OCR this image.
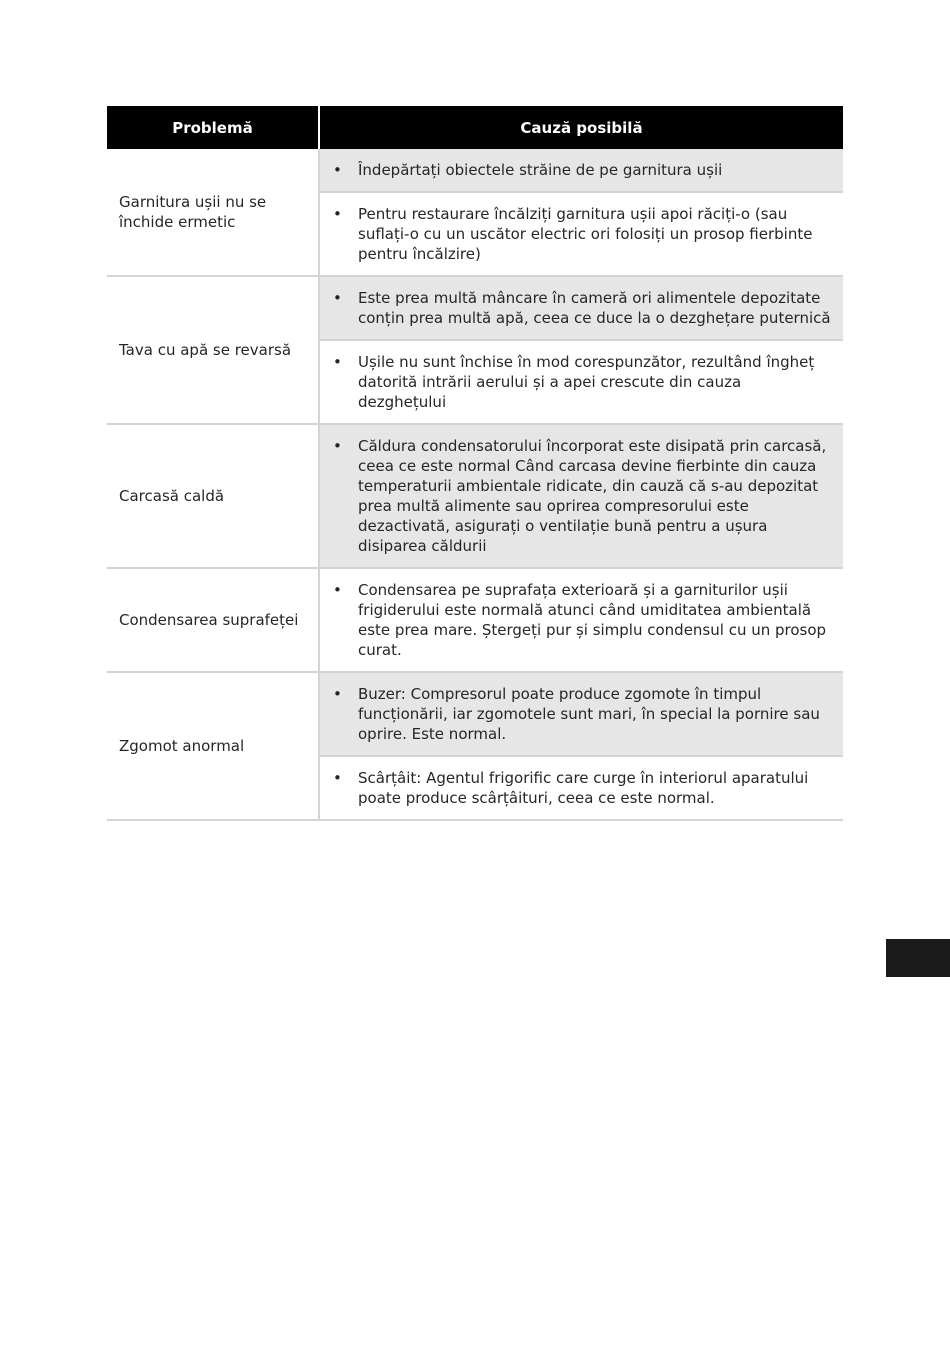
Problemă	Cauză posibilă
Garnitura ușii nu se închide ermetic	• Îndepărtați obiectele străine de pe garnitura ușii

	• Pentru restaurare încălziți garnitura ușii apoi răciți-o (sau suflați-o cu un uscător electric ori folosiți un prosop fierbinte pentru încălzire)

Tava cu apă se revarsă	• Este prea multă mâncare în cameră ori alimentele depozitate conțin prea multă apă, ceea ce duce la o dezghețare puternică

	• Ușile nu sunt închise în mod corespunzător, rezultând îngheț datorită intrării aerului și a apei crescute din cauza dezghețului

Carcasă caldă	• Căldura condensatorului încorporat este disipată prin carcasă, ceea ce este normal Când carcasa devine fierbinte din cauza temperaturii ambientale ridicate, din cauză că s-au depozitat prea multă alimente sau oprirea compresorului este dezactivată, asigurați o ventilație bună pentru a ușura disiparea căldurii

Condensarea suprafeței	• Condensarea pe suprafața exterioară și a garniturilor ușii frigiderului este normală atunci când umiditatea ambientală este prea mare. Ștergeți pur și simplu condensul cu un prosop curat.

Zgomot anormal	• Buzer: Compresorul poate produce zgomote în timpul funcționării, iar zgomotele sunt mari, în special la pornire sau oprire. Este normal.

	• Scârțâit: Agentul frigorific care curge în interiorul aparatului poate produce scârțâituri, ceea ce este normal.
